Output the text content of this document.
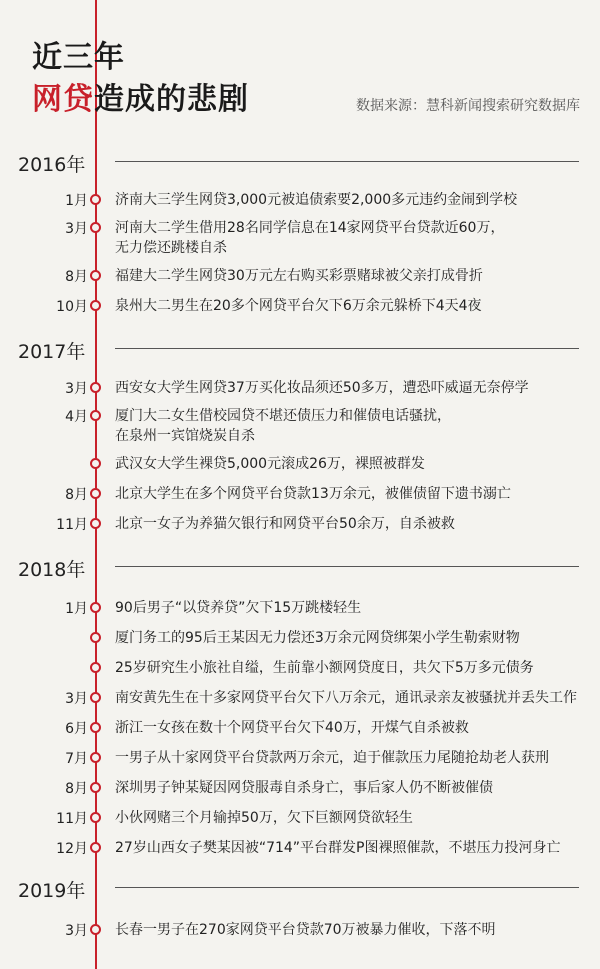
近三年
网贷造成的悲剧	数据来源：慧科新闻搜索研究数据库
2016年
1月 济南大三学生网贷3,000元被追债索要2,000多元违约金闹到学校
3月 河南大二学生借用28名同学信息在14家网贷平台贷款近60万，
无力偿还跳楼自杀
8月 福建大二学生网贷30万元左右购买彩票赌球被父亲打成骨折
10月 泉州大二男生在20多个网贷平台欠下6万余元躲桥下4天4夜
2017年
3月 西安女大学生网贷37万买化妆品须还50多万，遭恐吓威逼无奈停学
4月 厦门大二女生借校园贷不堪还债压力和催债电话骚扰，
在泉州一宾馆烧炭自杀
武汉女大学生裸贷5,000元滚成26万，裸照被群发
8月 北京大学生在多个网贷平台贷款13万余元，被催债留下遗书溺亡
11月 北京一女子为养猫欠银行和网贷平台50余万，自杀被救
2018年
1月 90后男子“以贷养贷”欠下15万跳楼轻生
厦门务工的95后王某因无力偿还3万余元网贷绑架小学生勒索财物
25岁研究生小旅社自缢，生前靠小额网贷度日，共欠下5万多元债务
3月 南安黄先生在十多家网贷平台欠下八万余元，通讯录亲友被骚扰并丢失工作
6月 浙江一女孩在数十个网贷平台欠下40万，开煤气自杀被救
7月 一男子从十家网贷平台贷款两万余元，迫于催款压力尾随抢劫老人获刑
8月 深圳男子钟某疑因网贷服毒自杀身亡，事后家人仍不断被催债
11月 小伙网赌三个月输掉50万，欠下巨额网贷欲轻生
12月 27岁山西女子樊某因被“714”平台群发P图裸照催款，不堪压力投河身亡
2019年
3月 长春一男子在270家网贷平台贷款70万被暴力催收，下落不明
